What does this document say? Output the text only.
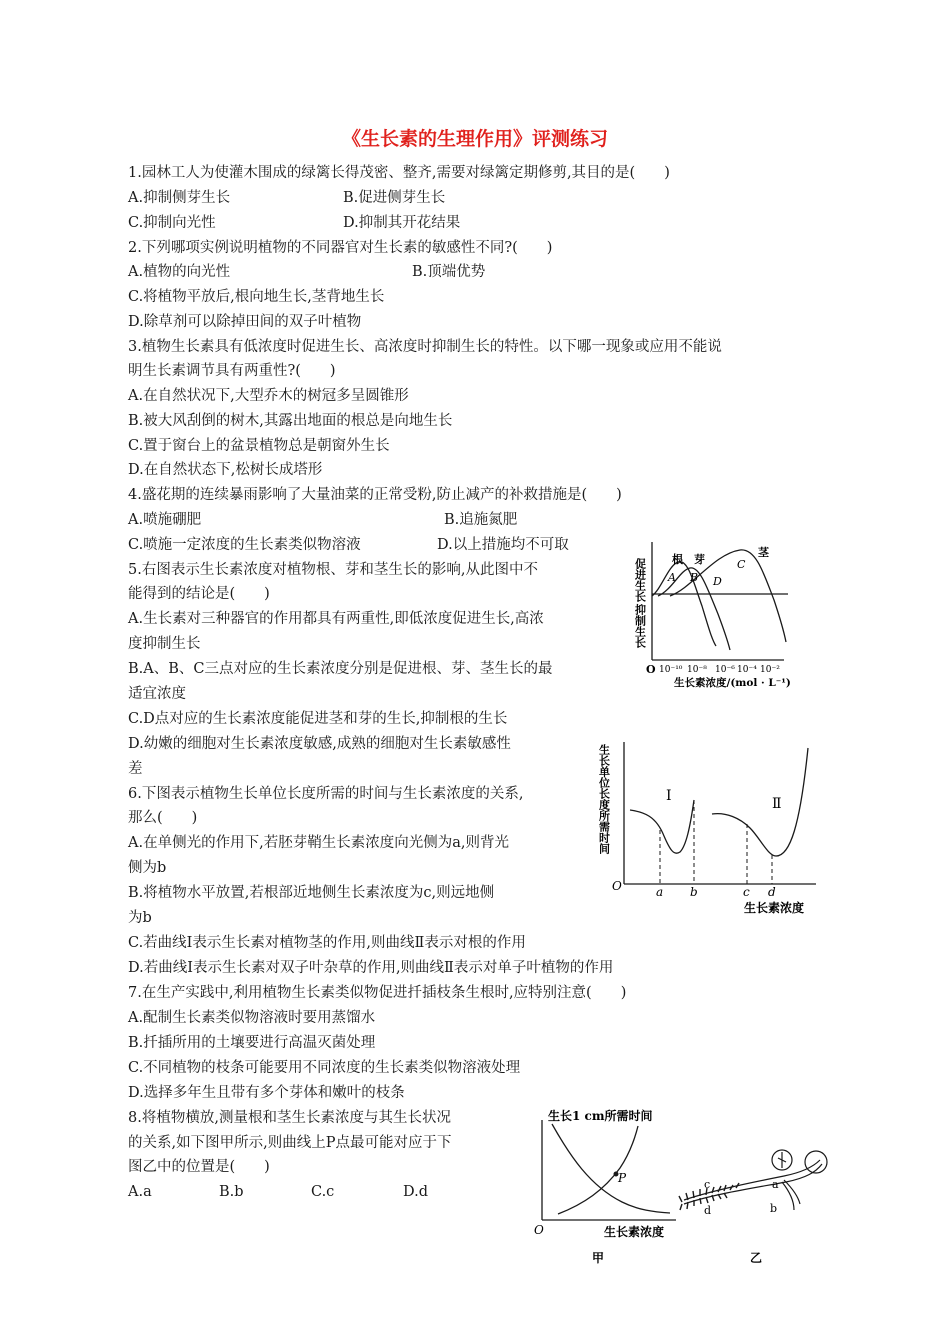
《生长素的生理作用》评测练习
1.园林工人为使灌木围成的绿篱长得茂密、整齐,需要对绿篱定期修剪,其目的是(　　)
A.抑制侧芽生长	B.促进侧芽生长
C.抑制向光性	D.抑制其开花结果
2.下列哪项实例说明植物的不同器官对生长素的敏感性不同?(　　)
A.植物的向光性	B.顶端优势
C.将植物平放后,根向地生长,茎背地生长
D.除草剂可以除掉田间的双子叶植物
3.植物生长素具有低浓度时促进生长、高浓度时抑制生长的特性。以下哪一现象或应用不能说
明生长素调节具有两重性?(　　)
A.在自然状况下,大型乔木的树冠多呈圆锥形
B.被大风刮倒的树木,其露出地面的根总是向地生长
C.置于窗台上的盆景植物总是朝窗外生长
D.在自然状态下,松树长成塔形
4.盛花期的连续暴雨影响了大量油菜的正常受粉,防止减产的补救措施是(　　)
A.喷施硼肥	B.追施氮肥
C.喷施一定浓度的生长素类似物溶液	D.以上措施均不可取
5.右图表示生长素浓度对植物根、芽和茎生长的影响,从此图中不
能得到的结论是(　　)
A.生长素对三种器官的作用都具有两重性,即低浓度促进生长,高浓
度抑制生长
B.A、B、C三点对应的生长素浓度分别是促进根、芽、茎生长的最
适宜浓度
C.D点对应的生长素浓度能促进茎和芽的生长,抑制根的生长
D.幼嫩的细胞对生长素浓度敏感,成熟的细胞对生长素敏感性
差
6.下图表示植物生长单位长度所需的时间与生长素浓度的关系,
那么(　　)
A.在单侧光的作用下,若胚芽鞘生长素浓度向光侧为a,则背光
侧为b
B.将植物水平放置,若根部近地侧生长素浓度为c,则远地侧
为b
C.若曲线Ⅰ表示生长素对植物茎的作用,则曲线Ⅱ表示对根的作用
D.若曲线Ⅰ表示生长素对双子叶杂草的作用,则曲线Ⅱ表示对单子叶植物的作用
7.在生产实践中,利用植物生长素类似物促进扦插枝条生根时,应特别注意(　　)
A.配制生长素类似物溶液时要用蒸馏水
B.扦插所用的土壤要进行高温灭菌处理
C.不同植物的枝条可能要用不同浓度的生长素类似物溶液处理
D.选择多年生且带有多个芽体和嫩叶的枝条
8.将植物横放,测量根和茎生长素浓度与其生长状况
的关系,如下图甲所示,则曲线上P点最可能对应于下
图乙中的位置是(　　)
A.a	B.b	C.c	D.d
促进生长
抑制生长
根 芽
茎
A B
C
D
O 10⁻¹⁰ 10⁻⁸ 10⁻⁶ 10⁻⁴ 10⁻²
生长素浓度/(mol · L⁻¹)
生长单位长度所需时间	Ⅰ	Ⅱ
O	a b	c d
生长素浓度
生长1 cm所需时间
P
O	生长素浓度
甲
c	a
d	b
乙
